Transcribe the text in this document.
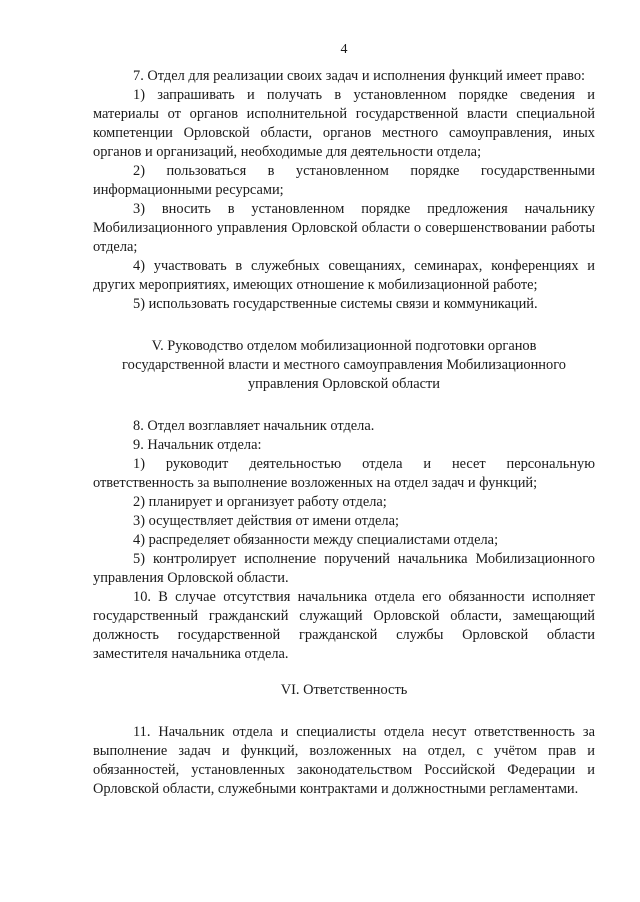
4

7. Отдел для реализации своих задач и исполнения функций имеет право:

1) запрашивать и получать в установленном порядке сведения и материалы от органов исполнительной государственной власти специальной компетенции Орловской области, органов местного самоуправления, иных органов и организаций, необходимые для деятельности отдела;

2) пользоваться в установленном порядке государственными информационными ресурсами;

3) вносить в установленном порядке предложения начальнику Мобилизационного управления Орловской области о совершенствовании работы отдела;

4) участвовать в служебных совещаниях, семинарах, конференциях и других мероприятиях, имеющих отношение к мобилизационной работе;

5) использовать государственные системы связи и коммуникаций.

V. Руководство отделом мобилизационной подготовки органов государственной власти и местного самоуправления Мобилизационного управления Орловской области

8. Отдел возглавляет начальник отдела.

9. Начальник отдела:

1) руководит деятельностью отдела и несет персональную ответственность за выполнение возложенных на отдел задач и функций;

2) планирует и организует работу отдела;

3) осуществляет действия от имени отдела;

4) распределяет обязанности между специалистами отдела;

5) контролирует исполнение поручений начальника Мобилизационного управления Орловской области.

10. В случае отсутствия начальника отдела его обязанности исполняет государственный гражданский служащий Орловской области, замещающий должность государственной гражданской службы Орловской области заместителя начальника отдела.

VI. Ответственность

11. Начальник отдела и специалисты отдела несут ответственность за выполнение задач и функций, возложенных на отдел, с учётом прав и обязанностей, установленных законодательством Российской Федерации и Орловской области, служебными контрактами и должностными регламентами.
